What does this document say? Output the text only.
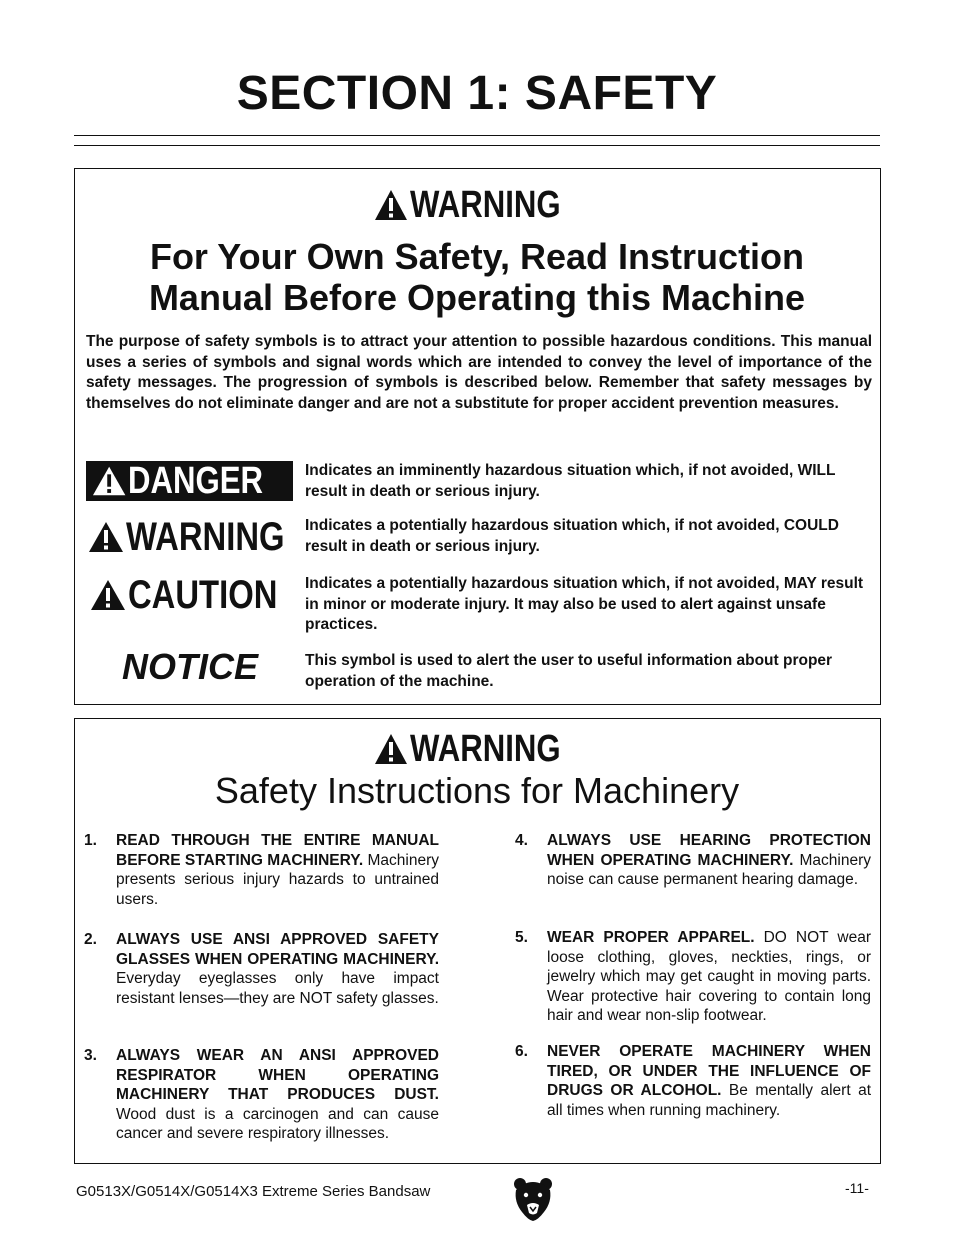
SECTION 1: SAFETY
WARNING
For Your Own Safety, Read Instruction
Manual Before Operating this Machine
The purpose of safety symbols is to attract your attention to possible hazardous conditions. This manual uses a series of symbols and signal words which are intended to convey the level of importance of the safety messages. The progression of symbols is described below. Remember that safety messages by themselves do not eliminate danger and are not a substitute for proper accident prevention measures.
DANGER	Indicates an imminently hazardous situation which, if not avoided, WILL result in death or serious injury.
WARNING Indicates a potentially hazardous situation which, if not avoided, COULD result in death or serious injury.
CAUTION Indicates a potentially hazardous situation which, if not avoided, MAY result in minor or moderate injury. It may also be used to alert against unsafe practices.
NOTICE	This symbol is used to alert the user to useful information about proper operation of the machine.
WARNING
Safety Instructions for Machinery
1. READ THROUGH THE ENTIRE MANUAL BEFORE STARTING MACHINERY. Machinery presents serious injury hazards to untrained users.
2. ALWAYS USE ANSI APPROVED SAFETY GLASSES WHEN OPERATING MACHINERY. Everyday eyeglasses only have impact resistant lenses—they are NOT safety glasses.
3. ALWAYS WEAR AN ANSI APPROVED RESPIRATOR WHEN OPERATING MACHINERY THAT PRODUCES DUST. Wood dust is a carcinogen and can cause cancer and severe respiratory illnesses.
4. ALWAYS USE HEARING PROTECTION WHEN OPERATING MACHINERY. Machinery noise can cause permanent hearing damage.
5. WEAR PROPER APPAREL. DO NOT wear loose clothing, gloves, neckties, rings, or jewelry which may get caught in moving parts. Wear protective hair covering to contain long hair and wear non-slip footwear.
6. NEVER OPERATE MACHINERY WHEN TIRED, OR UNDER THE INFLUENCE OF DRUGS OR ALCOHOL. Be mentally alert at all times when running machinery.
G0513X/G0514X/G0514X3 Extreme Series Bandsaw	-11-
